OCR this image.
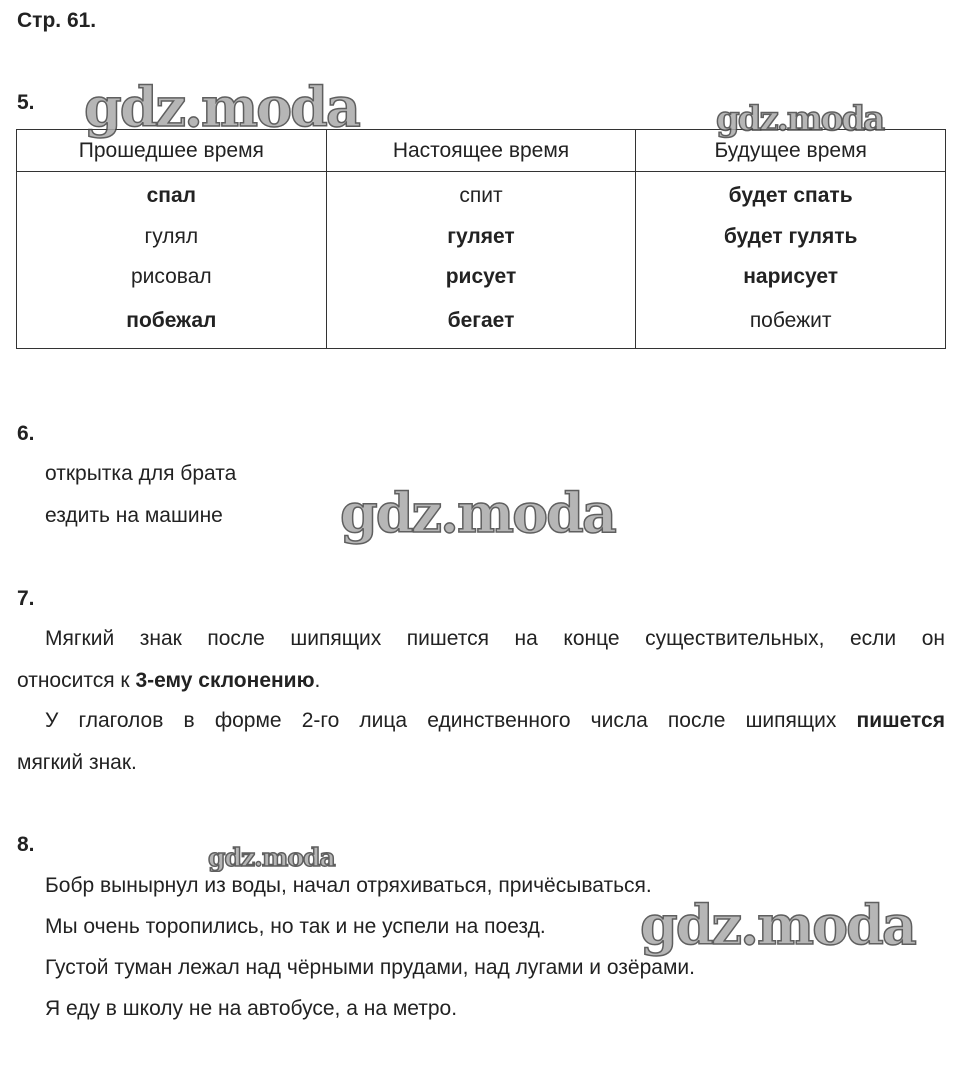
Стр. 61.
5.
Прошедшее время	Настоящее время	Будущее время
спал	спит	будет спать
гулял	гуляет	будет гулять
рисовал	рисует	нарисует
побежал	бегает	побежит
6.
открытка для брата
ездить на машине
7.
Мягкий знак после шипящих пишется на конце существительных, если он
относится к 3-ему склонению.
У глаголов в форме 2-го лица единственного числа после шипящих пишется
мягкий знак.
8.
Бобр вынырнул из воды, начал отряхиваться, причёсываться.
Мы очень торопились, но так и не успели на поезд.
Густой туман лежал над чёрными прудами, над лугами и озёрами.
Я еду в школу не на автобусе, а на метро.
gdz.moda	gdz.moda
gdz.moda
gdz.moda
gdz.moda
